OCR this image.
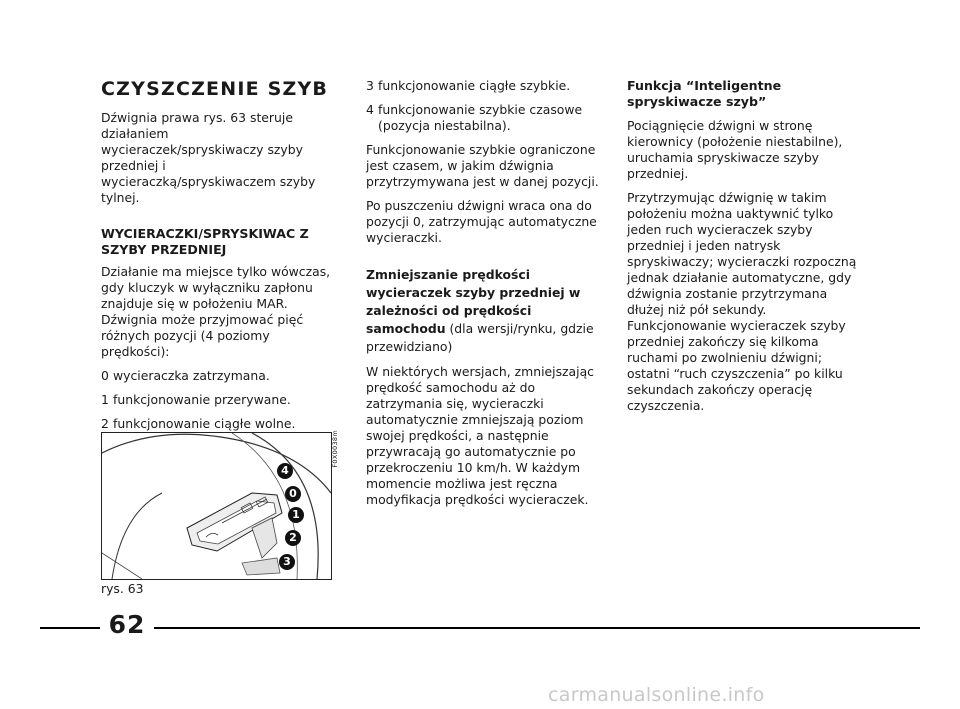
CZYSZCZENIE SZYB

Dźwignia prawa rys. 63 steruje działaniem wycieraczek/spryskiwaczy szyby przedniej i wycieraczką/spryskiwaczem szyby tylnej.

WYCIERACZKI/SPRYSKIWAC Z SZYBY PRZEDNIEJ

Działanie ma miejsce tylko wówczas, gdy kluczyk w wyłączniku zapłonu znajduje się w położeniu MAR. Dźwignia może przyjmować pięć różnych pozycji (4 poziomy prędkości):

0 wycieraczka zatrzymana.
1 funkcjonowanie przerywane.
2 funkcjonowanie ciągłe wolne.
4
0
1
2
3
F0X0038m
rys. 63
3 funkcjonowanie ciągłe szybkie.
4 funkcjonowanie szybkie czasowe (pozycja niestabilna).

Funkcjonowanie szybkie ograniczone jest czasem, w jakim dźwignia przytrzymywana jest w danej pozycji.

Po puszczeniu dźwigni wraca ona do pozycji 0, zatrzymując automatyczne wycieraczki.

Zmniejszanie prędkości wycieraczek szyby przedniej w zależności od prędkości samochodu (dla wersji/rynku, gdzie przewidziano)

W niektórych wersjach, zmniejszając prędkość samochodu aż do zatrzymania się, wycieraczki automatycznie zmniejszają poziom swojej prędkości, a następnie przywracają go automatycznie po przekroczeniu 10 km/h. W każdym momencie możliwa jest ręczna modyfikacja prędkości wycieraczek.

Funkcja “Inteligentne spryskiwacze szyb”

Pociągnięcie dźwigni w stronę kierownicy (położenie niestabilne), uruchamia spryskiwacze szyby przedniej.

Przytrzymując dźwignię w takim położeniu można uaktywnić tylko jeden ruch wycieraczek szyby przedniej i jeden natrysk spryskiwaczy; wycieraczki rozpoczną jednak działanie automatyczne, gdy dźwignia zostanie przytrzymana dłużej niż pół sekundy. Funkcjonowanie wycieraczek szyby przedniej zakończy się kilkoma ruchami po zwolnieniu dźwigni; ostatni “ruch czyszczenia” po kilku sekundach zakończy operację czyszczenia.

62
carmanualsonline.info
